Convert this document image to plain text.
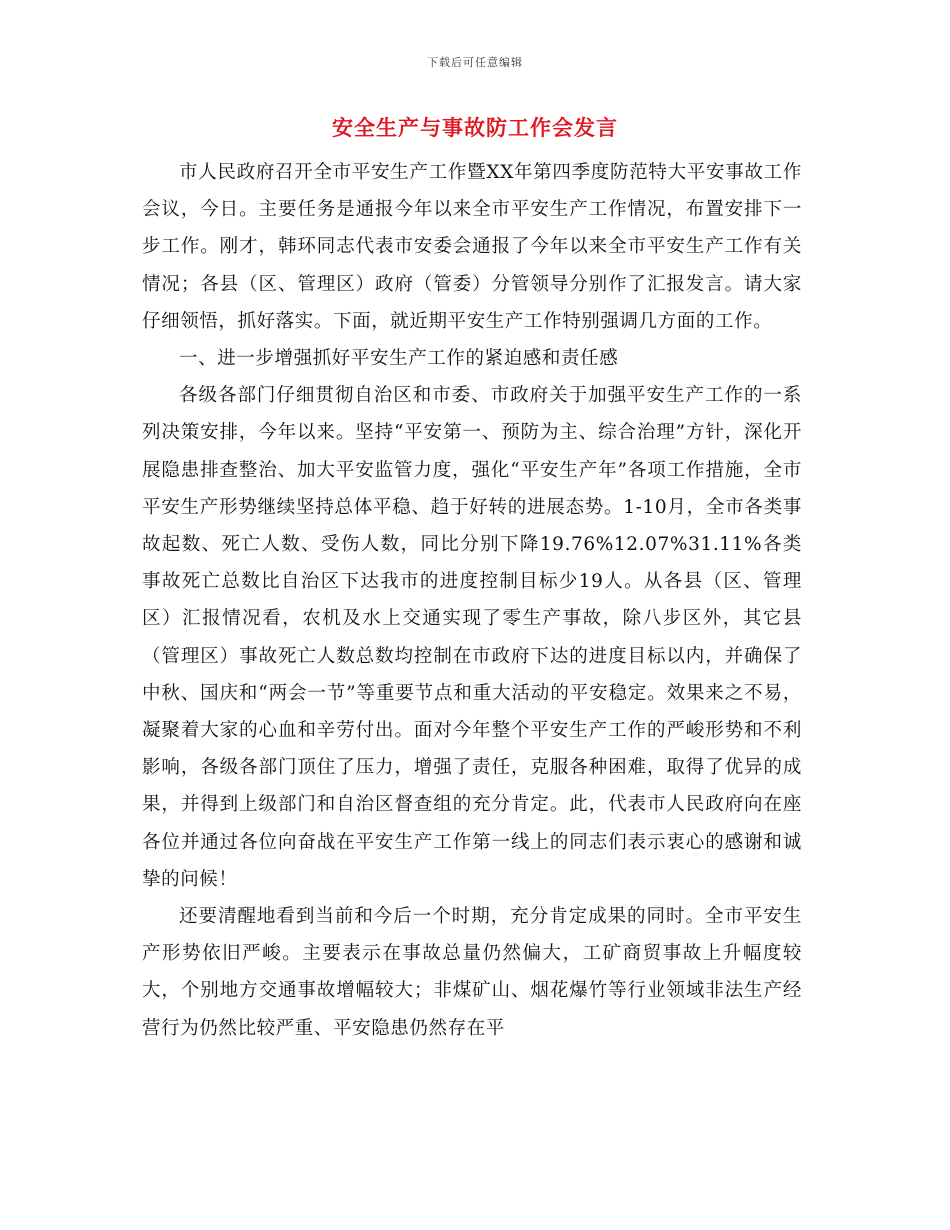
下载后可任意编辑
安全生产与事故防工作会发言

市人民政府召开全市平安生产工作暨XX年第四季度防范特大平安事故工作会议，今日。主要任务是通报今年以来全市平安生产工作情况，布置安排下一步工作。刚才，韩环同志代表市安委会通报了今年以来全市平安生产工作有关情况；各县（区、管理区）政府（管委）分管领导分别作了汇报发言。请大家仔细领悟，抓好落实。下面，就近期平安生产工作特别强调几方面的工作。

一、进一步增强抓好平安生产工作的紧迫感和责任感

各级各部门仔细贯彻自治区和市委、市政府关于加强平安生产工作的一系列决策安排，今年以来。坚持“平安第一、预防为主、综合治理”方针，深化开展隐患排查整治、加大平安监管力度，强化“平安生产年”各项工作措施，全市平安生产形势继续坚持总体平稳、趋于好转的进展态势。1-10月，全市各类事故起数、死亡人数、受伤人数，同比分别下降19.76%12.07%31.11%各类事故死亡总数比自治区下达我市的进度控制目标少19人。从各县（区、管理区）汇报情况看，农机及水上交通实现了零生产事故，除八步区外，其它县（管理区）事故死亡人数总数均控制在市政府下达的进度目标以内，并确保了中秋、国庆和“两会一节”等重要节点和重大活动的平安稳定。效果来之不易，凝聚着大家的心血和辛劳付出。面对今年整个平安生产工作的严峻形势和不利影响，各级各部门顶住了压力，增强了责任，克服各种困难，取得了优异的成果，并得到上级部门和自治区督查组的充分肯定。此，代表市人民政府向在座各位并通过各位向奋战在平安生产工作第一线上的同志们表示衷心的感谢和诚挚的问候！

还要清醒地看到当前和今后一个时期，充分肯定成果的同时。全市平安生产形势依旧严峻。主要表示在事故总量仍然偏大，工矿商贸事故上升幅度较大，个别地方交通事故增幅较大；非煤矿山、烟花爆竹等行业领域非法生产经营行为仍然比较严重、平安隐患仍然存在平
